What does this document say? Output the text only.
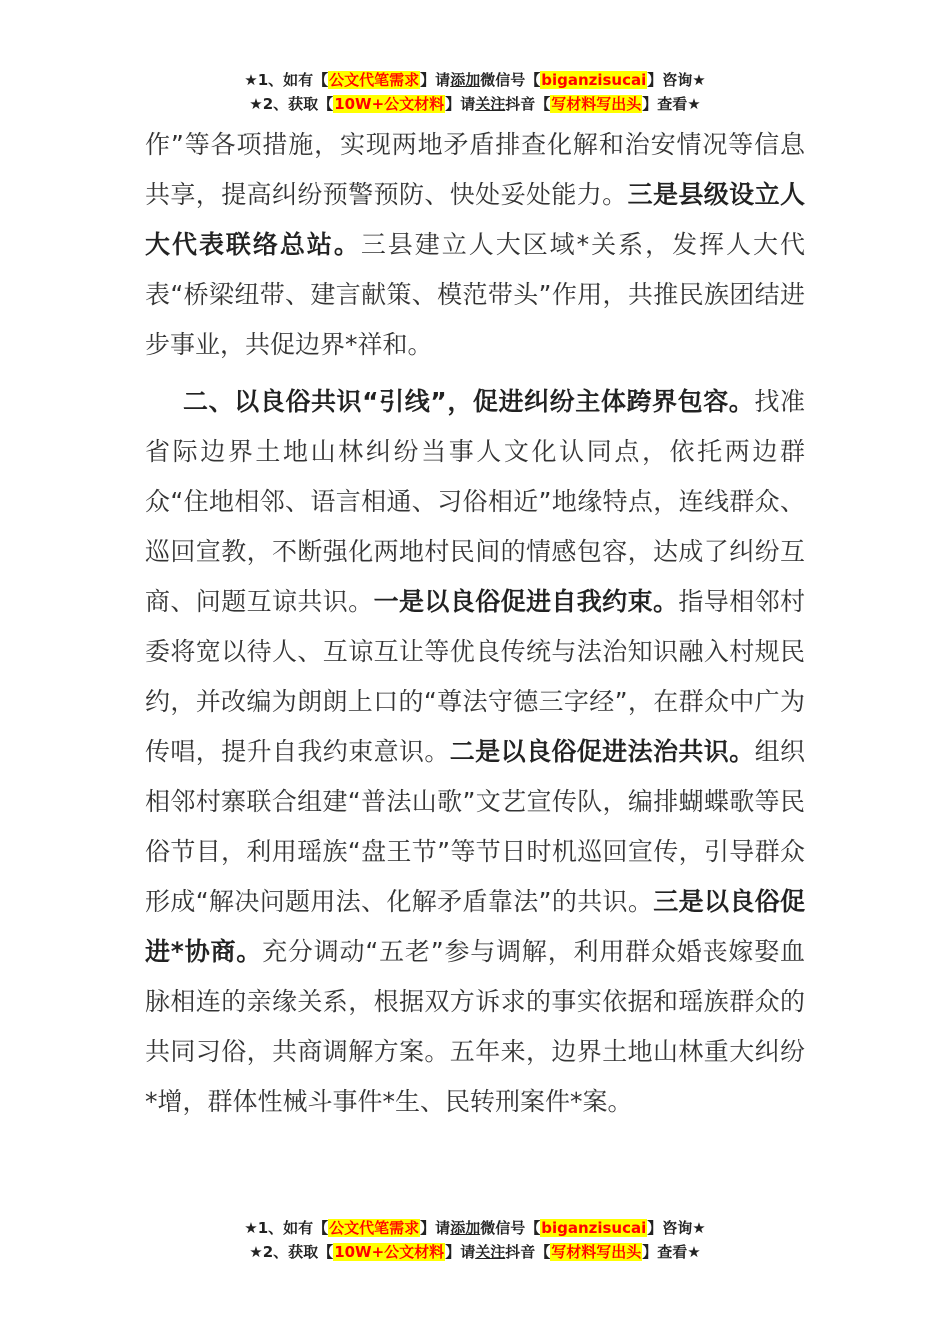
★1、如有【公文代笔需求】请添加微信号【biganzisucai】咨询★
★2、获取【10W+公文材料】请关注抖音【写材料写出头】查看★

作”等各项措施，实现两地矛盾排查化解和治安情况等信息共享，提高纠纷预警预防、快处妥处能力。三是县级设立人大代表联络总站。三县建立人大区域*关系，发挥人大代表“桥梁纽带、建言献策、模范带头”作用，共推民族团结进步事业，共促边界*祥和。

二、以良俗共识“引线”，促进纠纷主体跨界包容。找准省际边界土地山林纠纷当事人文化认同点，依托两边群众“住地相邻、语言相通、习俗相近”地缘特点，连线群众、巡回宣教，不断强化两地村民间的情感包容，达成了纠纷互商、问题互谅共识。一是以良俗促进自我约束。指导相邻村委将宽以待人、互谅互让等优良传统与法治知识融入村规民约，并改编为朗朗上口的“尊法守德三字经”，在群众中广为传唱，提升自我约束意识。二是以良俗促进法治共识。组织相邻村寨联合组建“普法山歌”文艺宣传队，编排蝴蝶歌等民俗节目，利用瑶族“盘王节”等节日时机巡回宣传，引导群众形成“解决问题用法、化解矛盾靠法”的共识。三是以良俗促进*协商。充分调动“五老”参与调解，利用群众婚丧嫁娶血脉相连的亲缘关系，根据双方诉求的事实依据和瑶族群众的共同习俗，共商调解方案。五年来，边界土地山林重大纠纷*增，群体性械斗事件*生、民转刑案件*案。

★1、如有【公文代笔需求】请添加微信号【biganzisucai】咨询★
★2、获取【10W+公文材料】请关注抖音【写材料写出头】查看★
